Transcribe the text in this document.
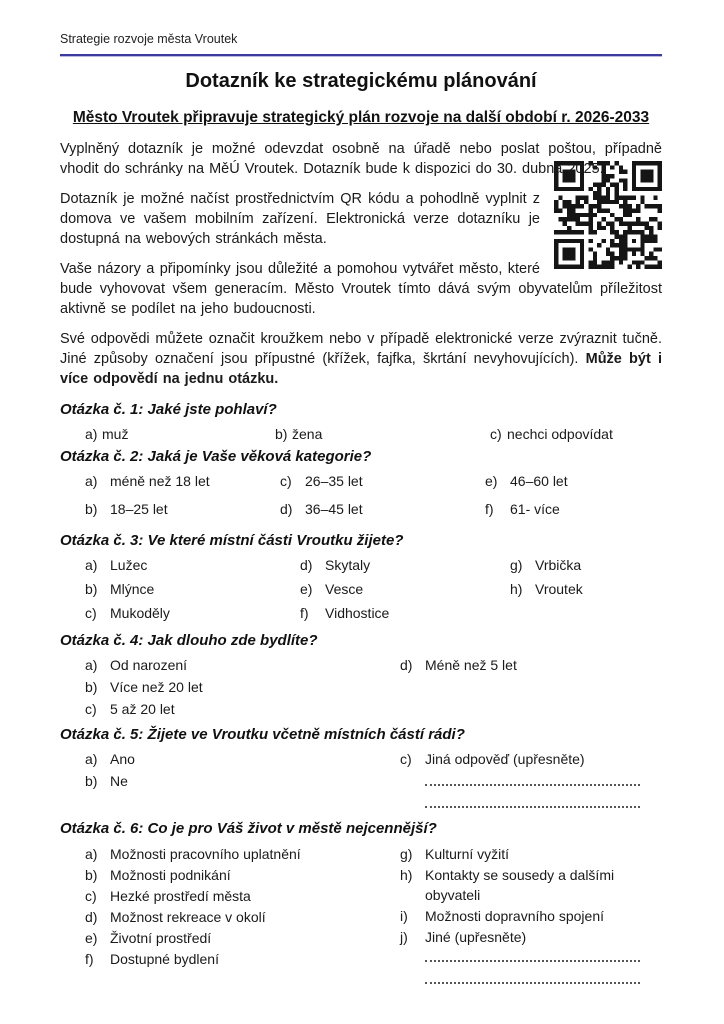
Strategie rozvoje města Vroutek
Dotazník ke strategickému plánování
Město Vroutek připravuje strategický plán rozvoje na další období r. 2026-2033

Vyplněný dotazník je možné odevzdat osobně na úřadě nebo poslat poštou, případně vhodit do schránky na MěÚ Vroutek. Dotazník bude k dispozici do 30. dubna 2025.

Dotazník je možné načíst prostřednictvím QR kódu a pohodlně vyplnit z domova ve vašem mobilním zařízení. Elektronická verze dotazníku je dostupná na webových stránkách města.

Vaše názory a připomínky jsou důležité a pomohou vytvářet město, které bude vyhovovat všem generacím. Město Vroutek tímto dává svým obyvatelům příležitost aktivně se podílet na jeho budoucnosti.

Své odpovědi můžete označit kroužkem nebo v případě elektronické verze zvýraznit tučně. Jiné způsoby označení jsou přípustné (křížek, fajfka, škrtání nevyhovujících). Může být i více odpovědí na jednu otázku.

Otázka č. 1: Jaké jste pohlaví?
a) muž	b) žena	c) nechci odpovídat
Otázka č. 2: Jaká je Vaše věková kategorie?
a) méně než 18 let
b) 18–25 let
c) 26–35 let
d) 36–45 let
e) 46–60 let
f)	61- více
Otázka č. 3: Ve které místní části Vroutku žijete?
a) Lužec
b) Mlýnce
c) Mukoděly
d) Skytaly
e) Vesce
f)	Vidhostice
g) Vrbička
h) Vroutek
Otázka č. 4: Jak dlouho zde bydlíte?
a) Od narození
b) Více než 20 let
c) 5 až 20 let
d) Méně než 5 let
Otázka č. 5: Žijete ve Vroutku včetně místních částí rádi?
a) Ano
b) Ne
c) Jiná odpověď (upřesněte)
Otázka č. 6: Co je pro Váš život v městě nejcennější?
a) Možnosti pracovního uplatnění
b) Možnosti podnikání
c) Hezké prostředí města
d) Možnost rekreace v okolí
e) Životní prostředí
f)	Dostupné bydlení
g) Kulturní vyžití
h) Kontakty se sousedy a dalšími obyvateli
i)	Možnosti dopravního spojení
j)	Jiné (upřesněte)
